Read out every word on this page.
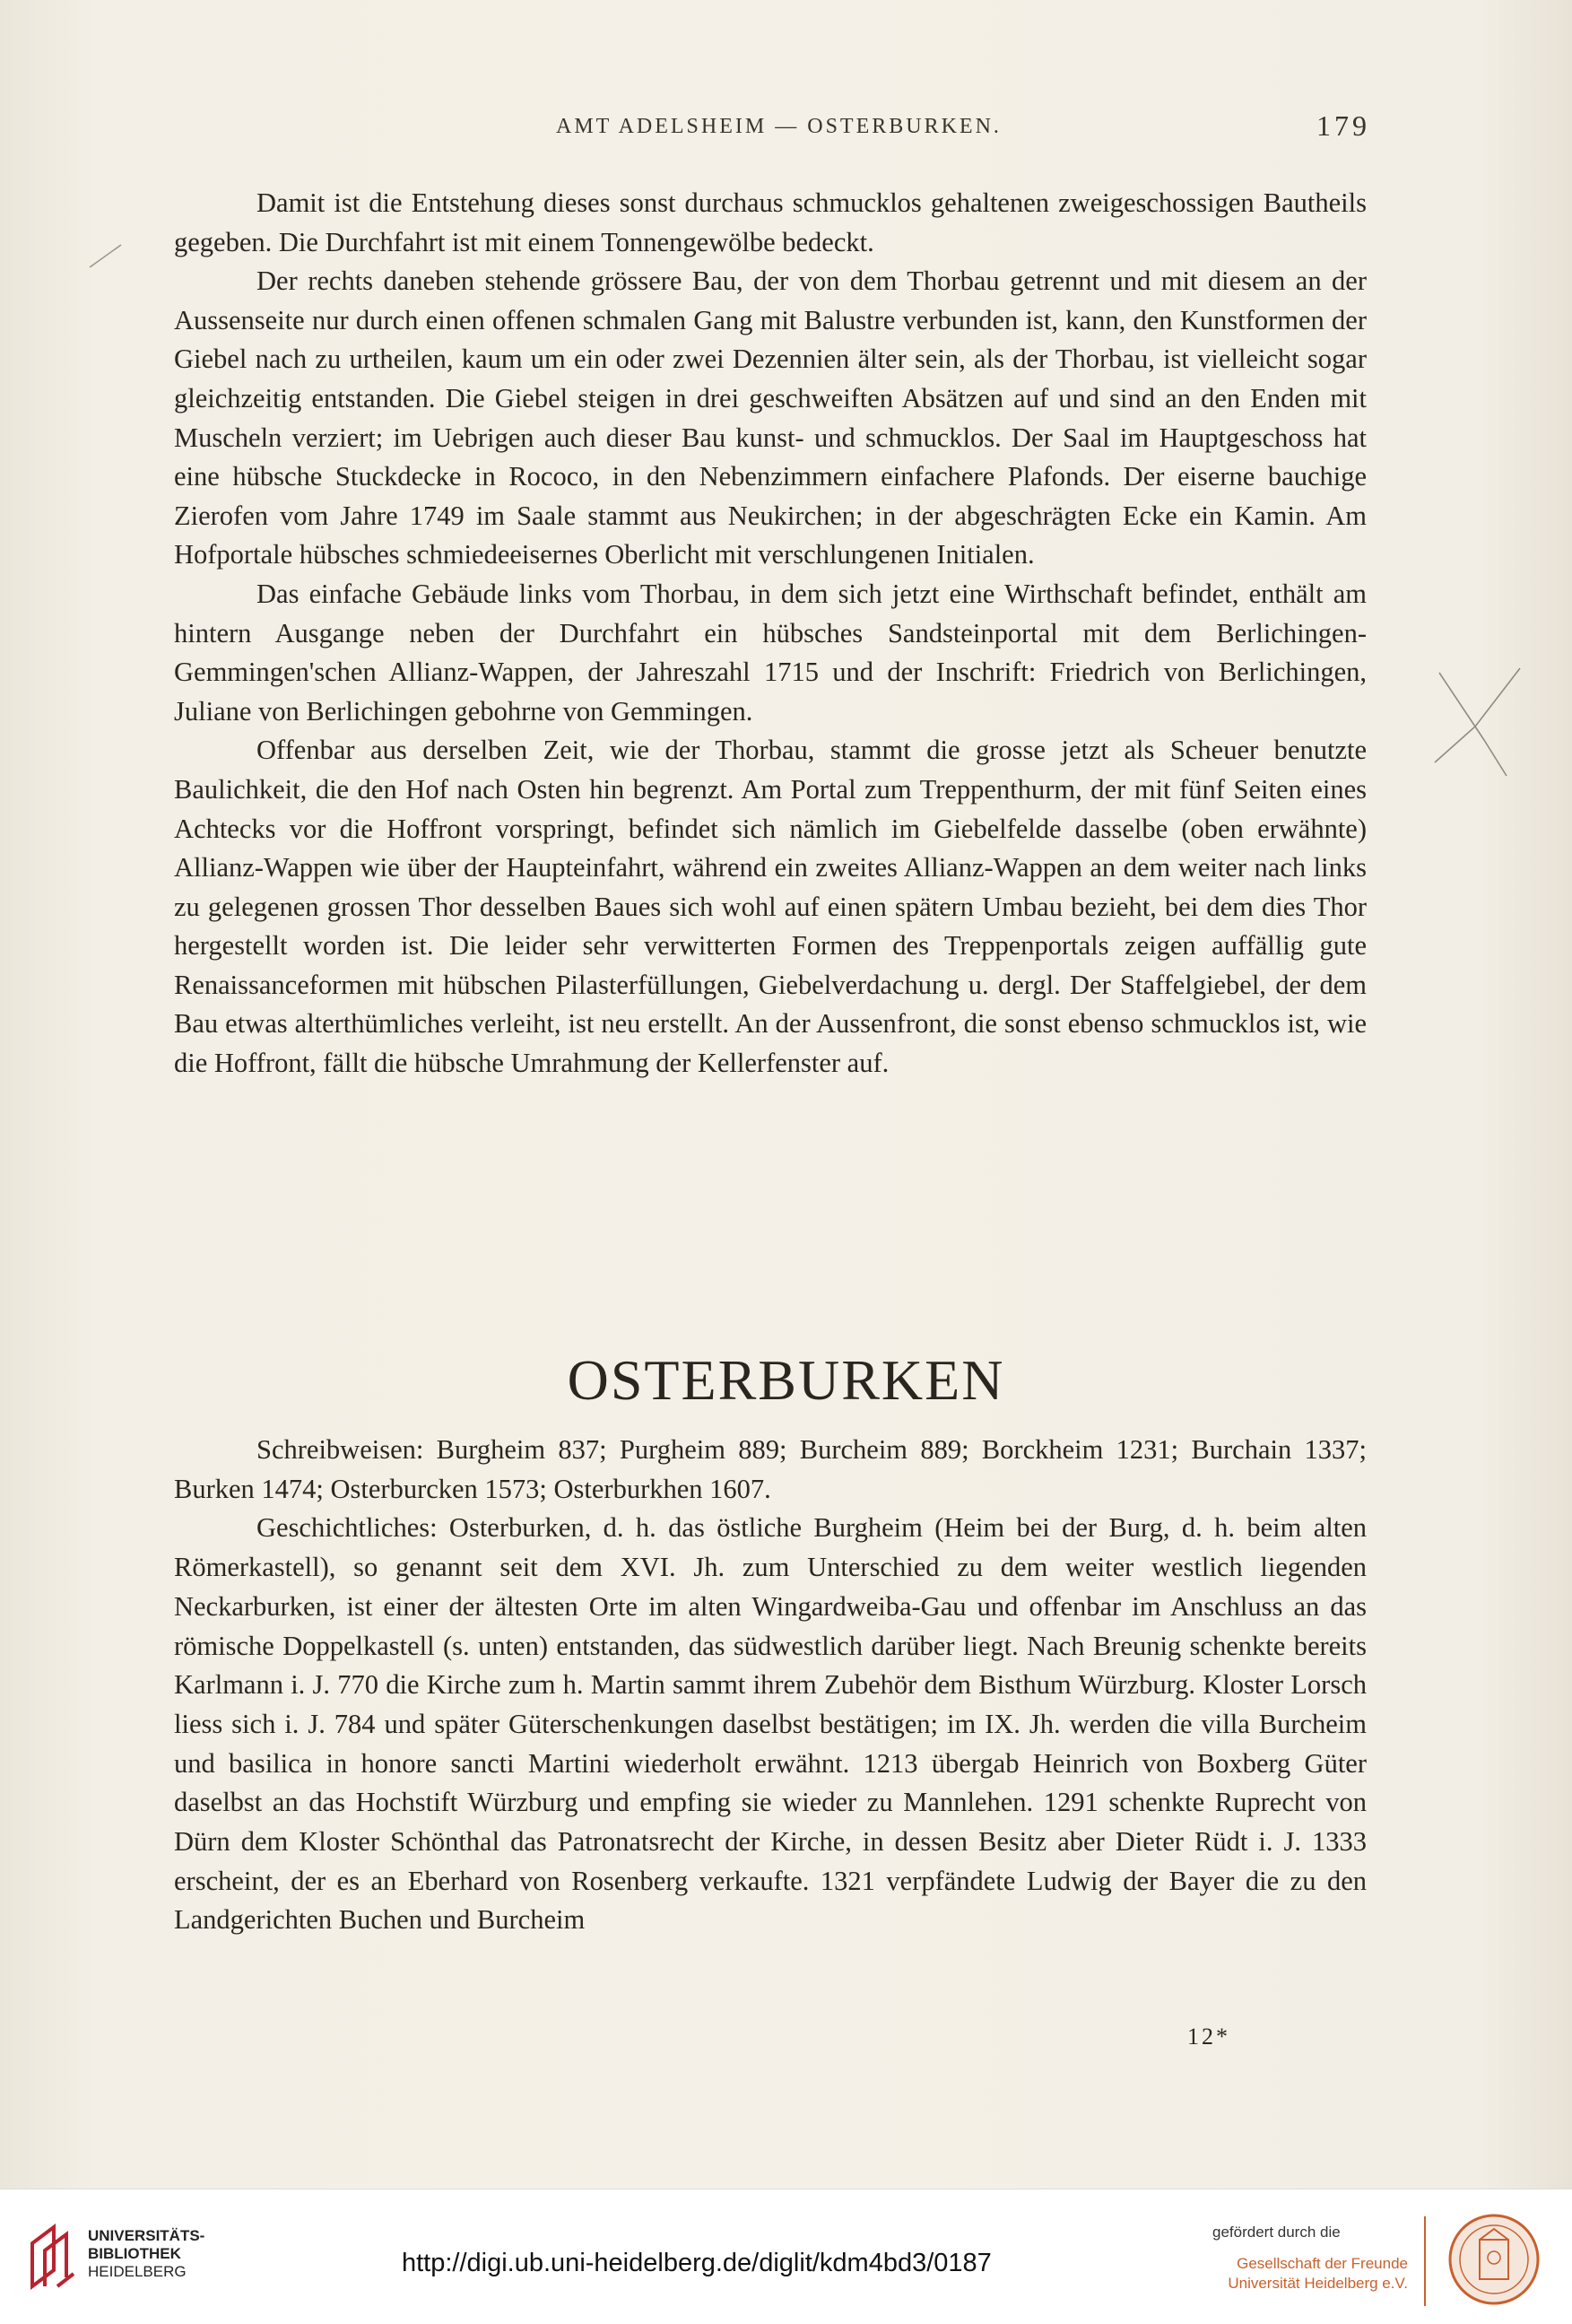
AMT ADELSHEIM — OSTERBURKEN.	179

Damit ist die Entstehung dieses sonst durchaus schmucklos gehaltenen zweigeschossigen Bautheils gegeben. Die Durchfahrt ist mit einem Tonnengewölbe bedeckt.

Der rechts daneben stehende grössere Bau, der von dem Thorbau getrennt und mit diesem an der Aussenseite nur durch einen offenen schmalen Gang mit Balustre verbunden ist, kann, den Kunstformen der Giebel nach zu urtheilen, kaum um ein oder zwei Dezennien älter sein, als der Thorbau, ist vielleicht sogar gleichzeitig entstanden. Die Giebel steigen in drei geschweiften Absätzen auf und sind an den Enden mit Muscheln verziert; im Uebrigen auch dieser Bau kunst- und schmucklos. Der Saal im Hauptgeschoss hat eine hübsche Stuckdecke in Rococo, in den Nebenzimmern einfachere Plafonds. Der eiserne bauchige Zierofen vom Jahre 1749 im Saale stammt aus Neukirchen; in der abgeschrägten Ecke ein Kamin. Am Hofportale hübsches schmiedeeisernes Oberlicht mit verschlungenen Initialen.

Das einfache Gebäude links vom Thorbau, in dem sich jetzt eine Wirthschaft befindet, enthält am hintern Ausgange neben der Durchfahrt ein hübsches Sandsteinportal mit dem Berlichingen-Gemmingen'schen Allianz-Wappen, der Jahreszahl 1715 und der Inschrift: Friedrich von Berlichingen, Juliane von Berlichingen gebohrne von Gemmingen.

Offenbar aus derselben Zeit, wie der Thorbau, stammt die grosse jetzt als Scheuer benutzte Baulichkeit, die den Hof nach Osten hin begrenzt. Am Portal zum Treppenthurm, der mit fünf Seiten eines Achtecks vor die Hoffront vorspringt, befindet sich nämlich im Giebelfelde dasselbe (oben erwähnte) Allianz-Wappen wie über der Haupteinfahrt, während ein zweites Allianz-Wappen an dem weiter nach links zu gelegenen grossen Thor desselben Baues sich wohl auf einen spätern Umbau bezieht, bei dem dies Thor hergestellt worden ist. Die leider sehr verwitterten Formen des Treppenportals zeigen auffällig gute Renaissanceformen mit hübschen Pilasterfüllungen, Giebelverdachung u. dergl. Der Staffelgiebel, der dem Bau etwas alterthümliches verleiht, ist neu erstellt. An der Aussenfront, die sonst ebenso schmucklos ist, wie die Hoffront, fällt die hübsche Umrahmung der Kellerfenster auf.

OSTERBURKEN

Schreibweisen: Burgheim 837; Purgheim 889; Burcheim 889; Borckheim 1231; Burchain 1337; Burken 1474; Osterburcken 1573; Osterburkhen 1607.

Geschichtliches: Osterburken, d. h. das östliche Burgheim (Heim bei der Burg, d. h. beim alten Römerkastell), so genannt seit dem XVI. Jh. zum Unterschied zu dem weiter westlich liegenden Neckarburken, ist einer der ältesten Orte im alten Wingardweiba-Gau und offenbar im Anschluss an das römische Doppelkastell (s. unten) entstanden, das südwestlich darüber liegt. Nach Breunig schenkte bereits Karlmann i. J. 770 die Kirche zum h. Martin sammt ihrem Zubehör dem Bisthum Würzburg. Kloster Lorsch liess sich i. J. 784 und später Güterschenkungen daselbst bestätigen; im IX. Jh. werden die villa Burcheim und basilica in honore sancti Martini wiederholt erwähnt. 1213 übergab Heinrich von Boxberg Güter daselbst an das Hochstift Würzburg und empfing sie wieder zu Mannlehen. 1291 schenkte Ruprecht von Dürn dem Kloster Schönthal das Patronatsrecht der Kirche, in dessen Besitz aber Dieter Rüdt i. J. 1333 erscheint, der es an Eberhard von Rosenberg verkaufte. 1321 verpfändete Ludwig der Bayer die zu den Landgerichten Buchen und Burcheim

12*
UNIVERSITÄTS-
BIBLIOTHEK
HEIDELBERG	http://digi.ub.uni-heidelberg.de/diglit/kdm4bd3/0187
gefördert durch die
Gesellschaft der Freunde
Universität Heidelberg e.V.
